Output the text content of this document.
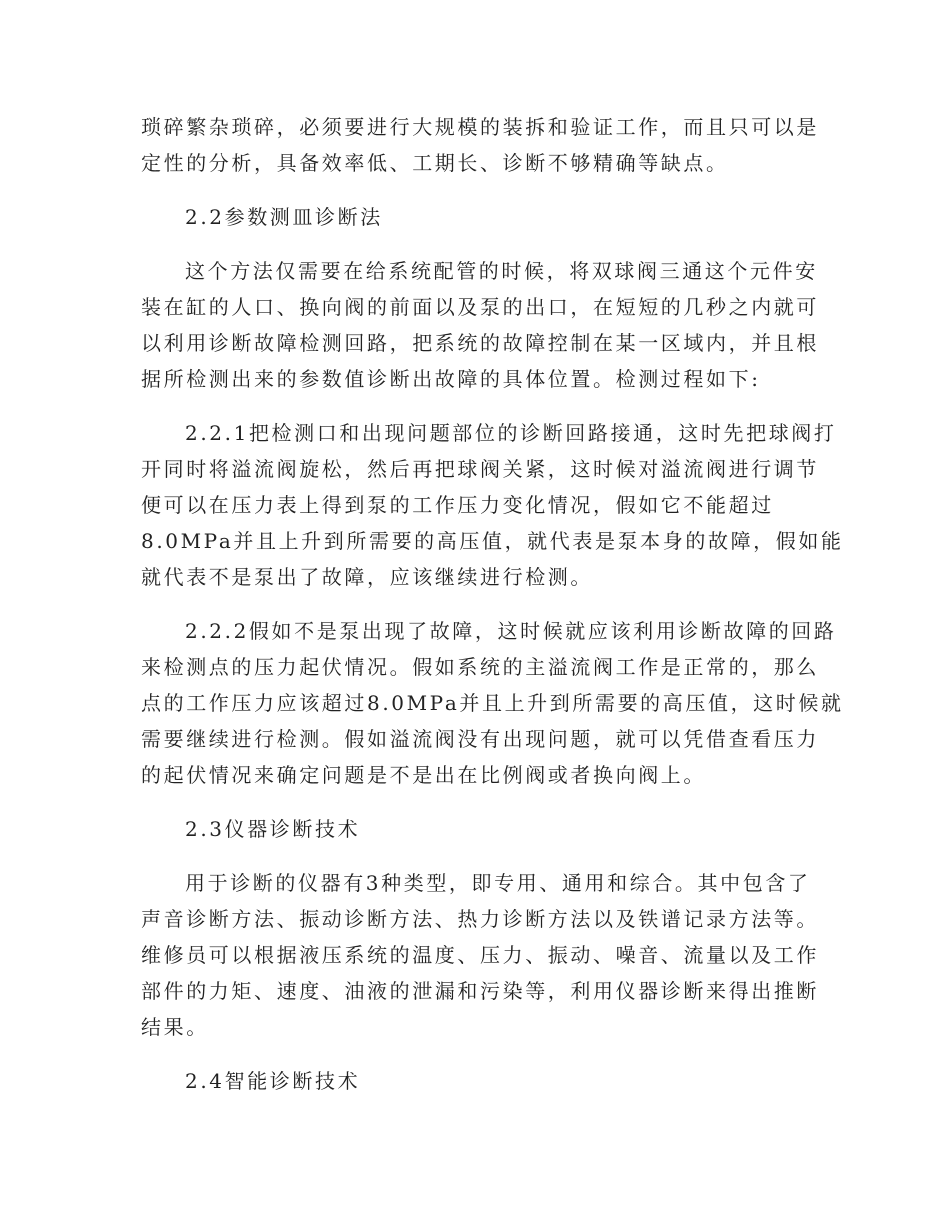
琐碎繁杂琐碎，必须要进行大规模的装拆和验证工作，而且只可以是
定性的分析，具备效率低、工期长、诊断不够精确等缺点。
2.2参数测皿诊断法
这个方法仅需要在给系统配管的时候，将双球阀三通这个元件安
装在缸的人口、换向阀的前面以及泵的出口，在短短的几秒之内就可
以利用诊断故障检测回路，把系统的故障控制在某一区域内，并且根
据所检测出来的参数值诊断出故障的具体位置。检测过程如下:
2.2.1把检测口和出现问题部位的诊断回路接通，这时先把球阀打
开同时将溢流阀旋松，然后再把球阀关紧，这时候对溢流阀进行调节
便可以在压力表上得到泵的工作压力变化情况，假如它不能超过
8.0MPa并且上升到所需要的高压值，就代表是泵本身的故障，假如能
就代表不是泵出了故障，应该继续进行检测。
2.2.2假如不是泵出现了故障，这时候就应该利用诊断故障的回路
来检测点的压力起伏情况。假如系统的主溢流阀工作是正常的，那么
点的工作压力应该超过8.0MPa并且上升到所需要的高压值，这时候就
需要继续进行检测。假如溢流阀没有出现问题，就可以凭借查看压力
的起伏情况来确定问题是不是出在比例阀或者换向阀上。
2.3仪器诊断技术
用于诊断的仪器有3种类型，即专用、通用和综合。其中包含了
声音诊断方法、振动诊断方法、热力诊断方法以及铁谱记录方法等。
维修员可以根据液压系统的温度、压力、振动、噪音、流量以及工作
部件的力矩、速度、油液的泄漏和污染等，利用仪器诊断来得出推断
结果。
2.4智能诊断技术
